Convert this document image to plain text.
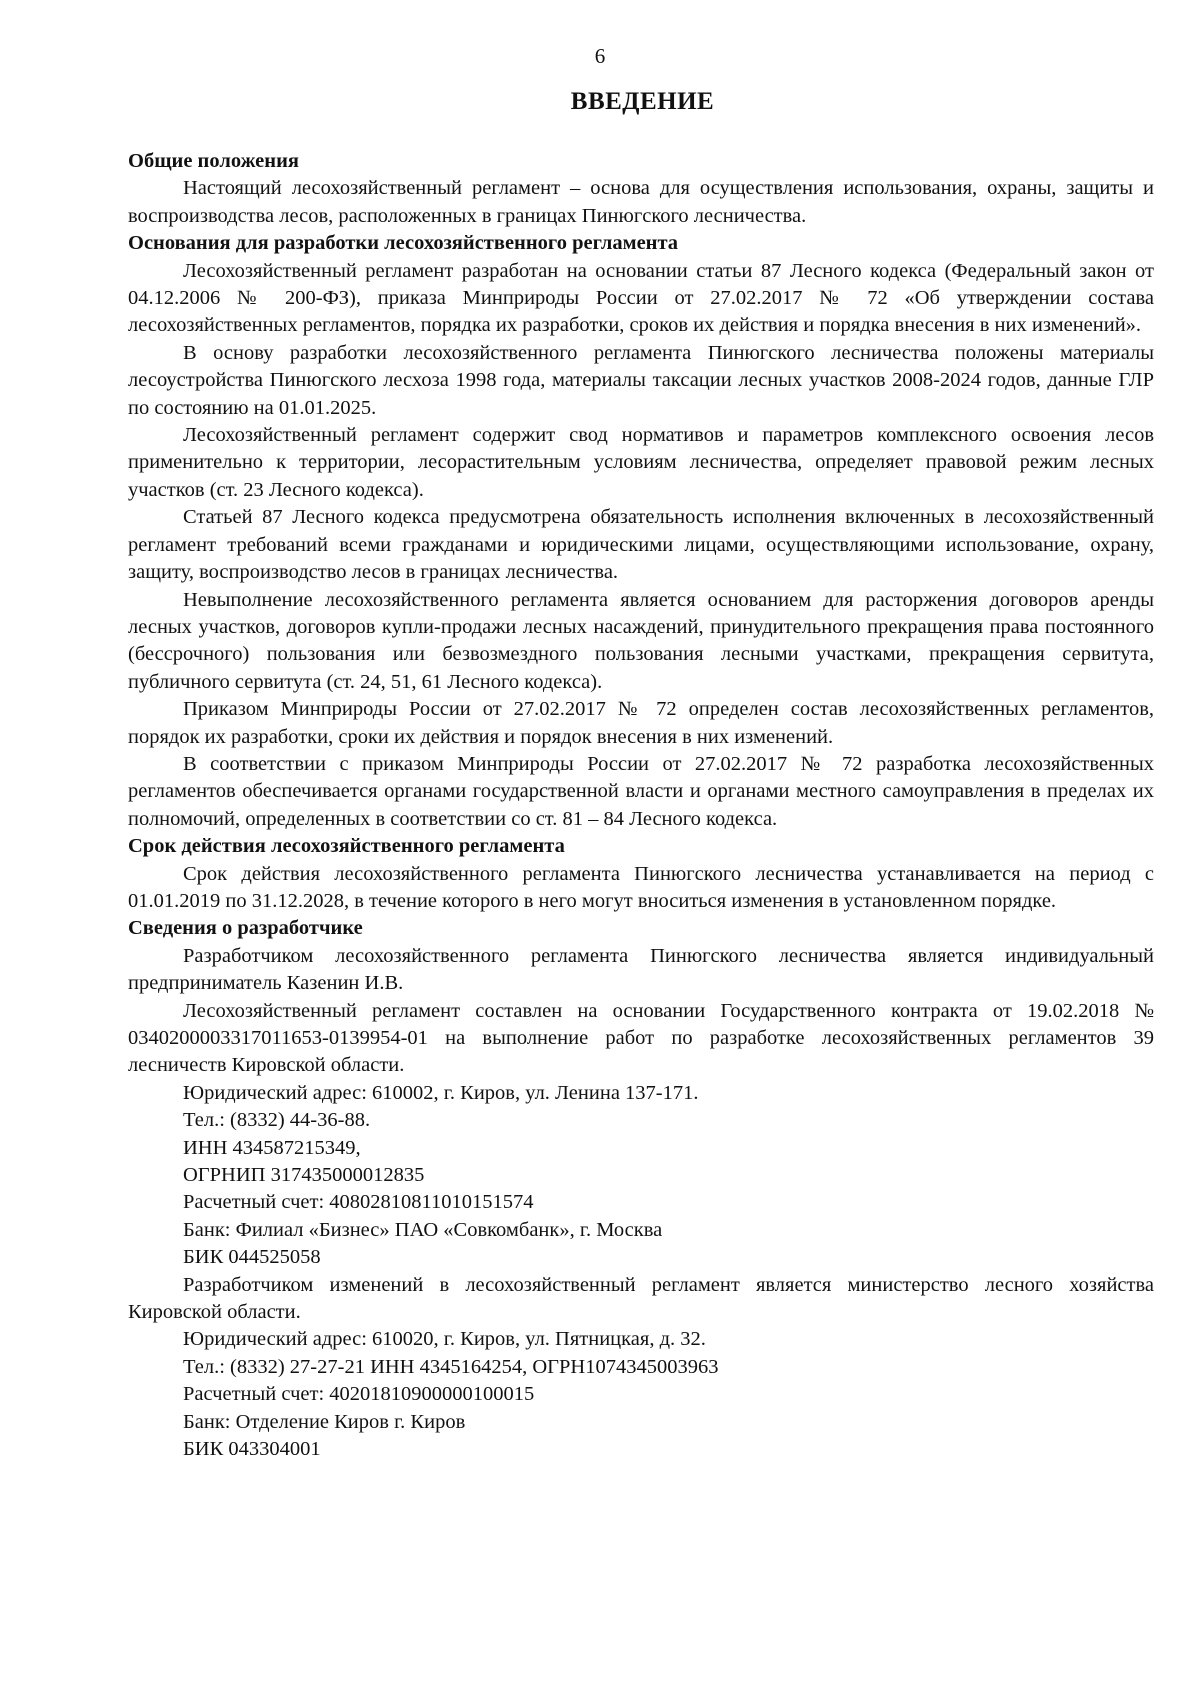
6
ВВЕДЕНИЕ
Общие положения

Настоящий лесохозяйственный регламент – основа для осуществления использования, охраны, защиты и воспроизводства лесов, расположенных в границах Пинюгского лесничества.

Основания для разработки лесохозяйственного регламента

Лесохозяйственный регламент разработан на основании статьи 87 Лесного кодекса (Федеральный закон от 04.12.2006 № 200-ФЗ), приказа Минприроды России от 27.02.2017 № 72 «Об утверждении состава лесохозяйственных регламентов, порядка их разработки, сроков их действия и порядка внесения в них изменений».

В основу разработки лесохозяйственного регламента Пинюгского лесничества положены материалы лесоустройства Пинюгского лесхоза 1998 года, материалы таксации лесных участков 2008-2024 годов, данные ГЛР по состоянию на 01.01.2025.

Лесохозяйственный регламент содержит свод нормативов и параметров комплексного освоения лесов применительно к территории, лесорастительным условиям лесничества, определяет правовой режим лесных участков (ст. 23 Лесного кодекса).

Статьей 87 Лесного кодекса предусмотрена обязательность исполнения включенных в лесохозяйственный регламент требований всеми гражданами и юридическими лицами, осуществляющими использование, охрану, защиту, воспроизводство лесов в границах лесничества.

Невыполнение лесохозяйственного регламента является основанием для расторжения договоров аренды лесных участков, договоров купли-продажи лесных насаждений, принудительного прекращения права постоянного (бессрочного) пользования или безвозмездного пользования лесными участками, прекращения сервитута, публичного сервитута (ст. 24, 51, 61 Лесного кодекса).

Приказом Минприроды России от 27.02.2017 № 72 определен состав лесохозяйственных регламентов, порядок их разработки, сроки их действия и порядок внесения в них изменений.

В соответствии с приказом Минприроды России от 27.02.2017 № 72 разработка лесохозяйственных регламентов обеспечивается органами государственной власти и органами местного самоуправления в пределах их полномочий, определенных в соответствии со ст. 81 – 84 Лесного кодекса.

Срок действия лесохозяйственного регламента

Срок действия лесохозяйственного регламента Пинюгского лесничества устанавливается на период с 01.01.2019 по 31.12.2028, в течение которого в него могут вноситься изменения в установленном порядке.

Сведения о разработчике

Разработчиком лесохозяйственного регламента Пинюгского лесничества является индивидуальный предприниматель Казенин И.В.

Лесохозяйственный регламент составлен на основании Государственного контракта от 19.02.2018 № 0340200003317011653-0139954-01 на выполнение работ по разработке лесохозяйственных регламентов 39 лесничеств Кировской области.

Юридический адрес: 610002, г. Киров, ул. Ленина 137-171.
Тел.: (8332) 44-36-88.
ИНН 434587215349,
ОГРНИП 317435000012835
Расчетный счет: 40802810811010151574
Банк: Филиал «Бизнес» ПАО «Совкомбанк», г. Москва
БИК 044525058

Разработчиком изменений в лесохозяйственный регламент является министерство лесного хозяйства Кировской области.

Юридический адрес: 610020, г. Киров, ул. Пятницкая, д. 32.
Тел.: (8332) 27-27-21 ИНН 4345164254, ОГРН1074345003963
Расчетный счет: 40201810900000100015
Банк: Отделение Киров г. Киров
БИК 043304001
